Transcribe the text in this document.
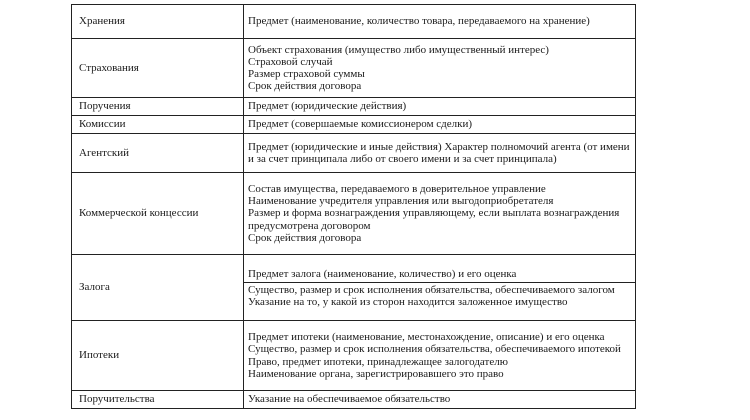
Хранения	Предмет (наименование, количество товара, передаваемого на хранение)

Страхования	Объект страхования (имущество либо имущественный интерес)
Страховой случай
Размер страховой суммы
Срок действия договора

Поручения	Предмет (юридические действия)

Комиссии	Предмет (совершаемые комиссионером сделки)

Агентский	Предмет (юридические и иные действия) Характер полномочий агента (от имени и за счет принципала либо от своего имени и за счет принципала)

Коммерческой концессии	Состав имущества, передаваемого в доверительное управление
Наименование учредителя управления или выгодоприобретателя
Размер и форма вознаграждения управляющему, если выплата вознаграждения предусмотрена договором
Срок действия договора

Залога	Предмет залога (наименование, количество) и его оценка
Существо, размер и срок исполнения обязательства, обеспечиваемого залогом
Указание на то, у какой из сторон находится заложенное имущество

Ипотеки	Предмет ипотеки (наименование, местонахождение, описание) и его оценка
Существо, размер и срок исполнения обязательства, обеспечиваемого ипотекой
Право, предмет ипотеки, принадлежащее залогодателю
Наименование органа, зарегистрировавшего это право

Поручительства	Указание на обеспечиваемое обязательство
